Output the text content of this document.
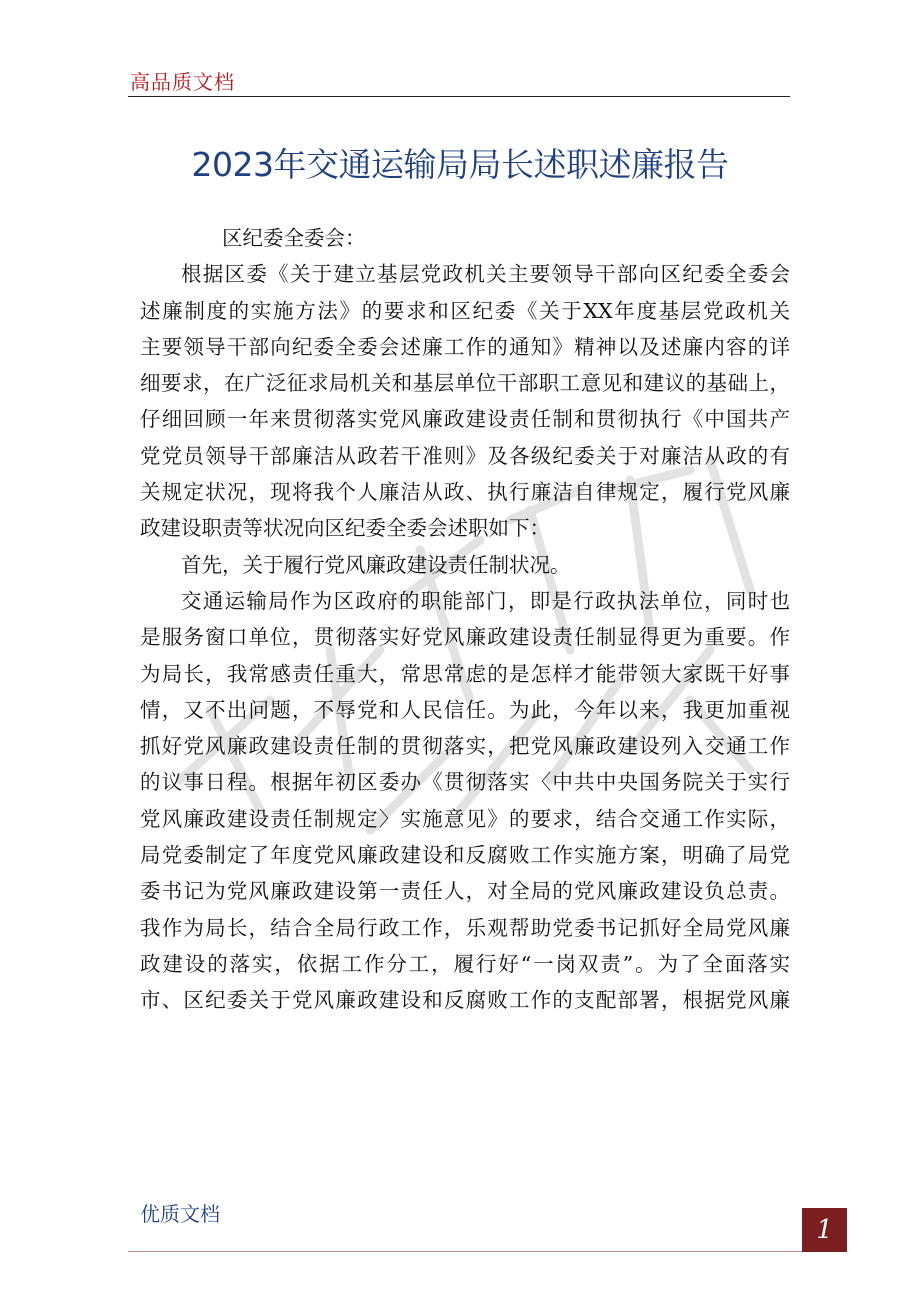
高品质文档
2023年交通运输局局长述职述廉报告
区纪委全委会：
根据区委《关于建立基层党政机关主要领导干部向区纪委全委会
述廉制度的实施方法》的要求和区纪委《关于XX年度基层党政机关
主要领导干部向纪委全委会述廉工作的通知》精神以及述廉内容的详
细要求，在广泛征求局机关和基层单位干部职工意见和建议的基础上，
仔细回顾一年来贯彻落实党风廉政建设责任制和贯彻执行《中国共产
党党员领导干部廉洁从政若干准则》及各级纪委关于对廉洁从政的有
关规定状况，现将我个人廉洁从政、执行廉洁自律规定，履行党风廉
政建设职责等状况向区纪委全委会述职如下：
首先，关于履行党风廉政建设责任制状况。
交通运输局作为区政府的职能部门，即是行政执法单位，同时也
是服务窗口单位，贯彻落实好党风廉政建设责任制显得更为重要。作
为局长，我常感责任重大，常思常虑的是怎样才能带领大家既干好事
情，又不出问题，不辱党和人民信任。为此，今年以来，我更加重视
抓好党风廉政建设责任制的贯彻落实，把党风廉政建设列入交通工作
的议事日程。根据年初区委办《贯彻落实〈中共中央国务院关于实行
党风廉政建设责任制规定〉实施意见》的要求，结合交通工作实际，
局党委制定了年度党风廉政建设和反腐败工作实施方案，明确了局党
委书记为党风廉政建设第一责任人，对全局的党风廉政建设负总责。
我作为局长，结合全局行政工作，乐观帮助党委书记抓好全局党风廉
政建设的落实，依据工作分工，履行好“一岗双责”。为了全面落实
市、区纪委关于党风廉政建设和反腐败工作的支配部署，根据党风廉
优质文档
1
